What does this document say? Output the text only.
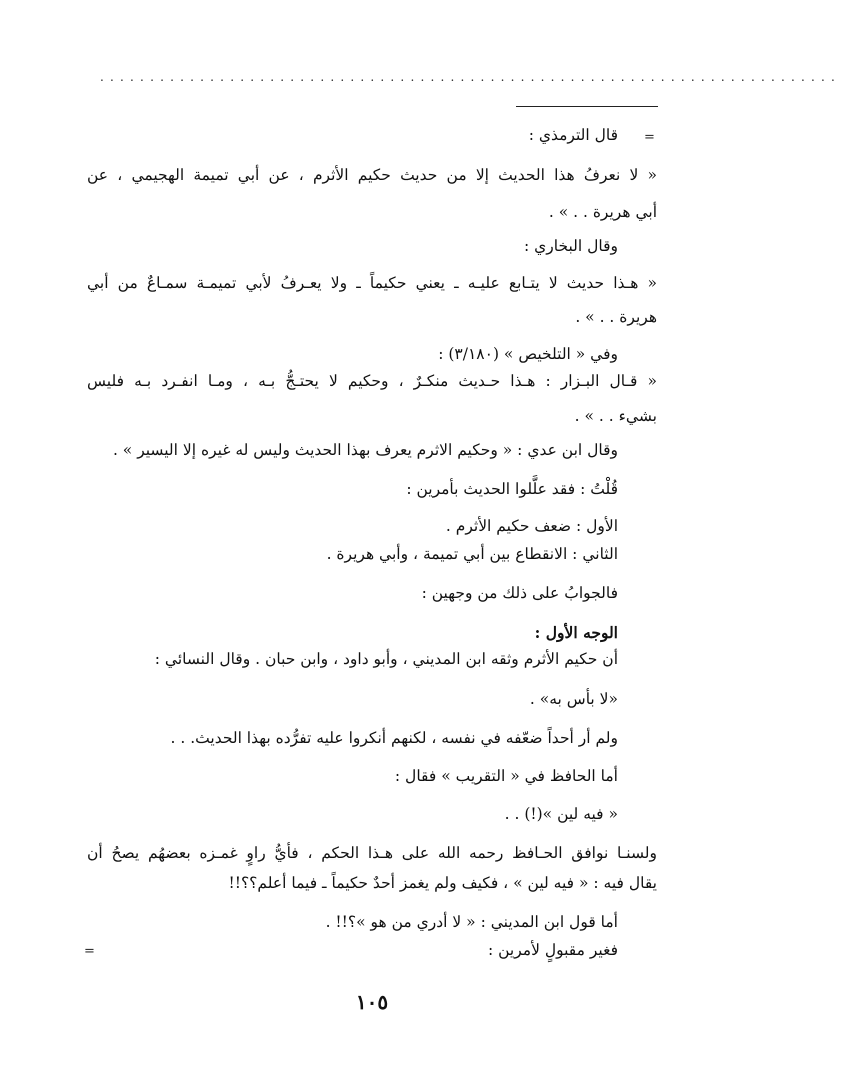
..........................................................................
=
=
قال الترمذي :
« لا نعرفُ هذا الحديث إلا من حديث حكيم الأثرم ، عن أبي تميمة الهجيمي ، عن
أبي هريرة . . » .
وقال البخاري :
« هـذا حديث لا يتـابع عليـه ـ يعني حكيماً ـ ولا يعـرفُ لأبي تميمـة سمـاعٌ من أبي
هريرة . . » .
وفي « التلخيص » (٣/١٨٠) :
« قـال البـزار : هـذا حـديث منكـرٌ ، وحكيم لا يحتـجُّ بـه ، ومـا انفـرد بـه فليس
بشيء . . » .
وقال ابن عدي : « وحكيم الاثرم يعرف بهذا الحديث وليس له غيره إلا اليسير » .
قُلْتُ : فقد علَّلوا الحديث بأمرين :
الأول : ضعف حكيم الأثرم .
الثاني : الانقطاع بين أبي تميمة ، وأبي هريرة .
فالجوابُ على ذلك من وجهين :
الوجه الأول :
أن حكيم الأثرم وثقه ابن المديني ، وأبو داود ، وابن حبان . وقال النسائي :
«لا بأس به» .
ولم أر أحداً ضعّفه في نفسه ، لكنهم أنكروا عليه تفرُّده بهذا الحديث. . .
أما الحافظ في « التقريب » فقال :
« فيه لين »(!) . .
ولسنـا نوافق الحـافظ رحمه الله على هـذا الحكم ، فأيُّ راوٍ غمـزه بعضهُم يصحُ أن
يقال فيه : « فيه لين » ، فكيف ولم يغمز أحدٌ حكيماً ـ فيما أعلم؟؟!!
أما قول ابن المديني : « لا أدري من هو »؟!! .
فغير مقبولٍ لأمرين :
١٠٥
